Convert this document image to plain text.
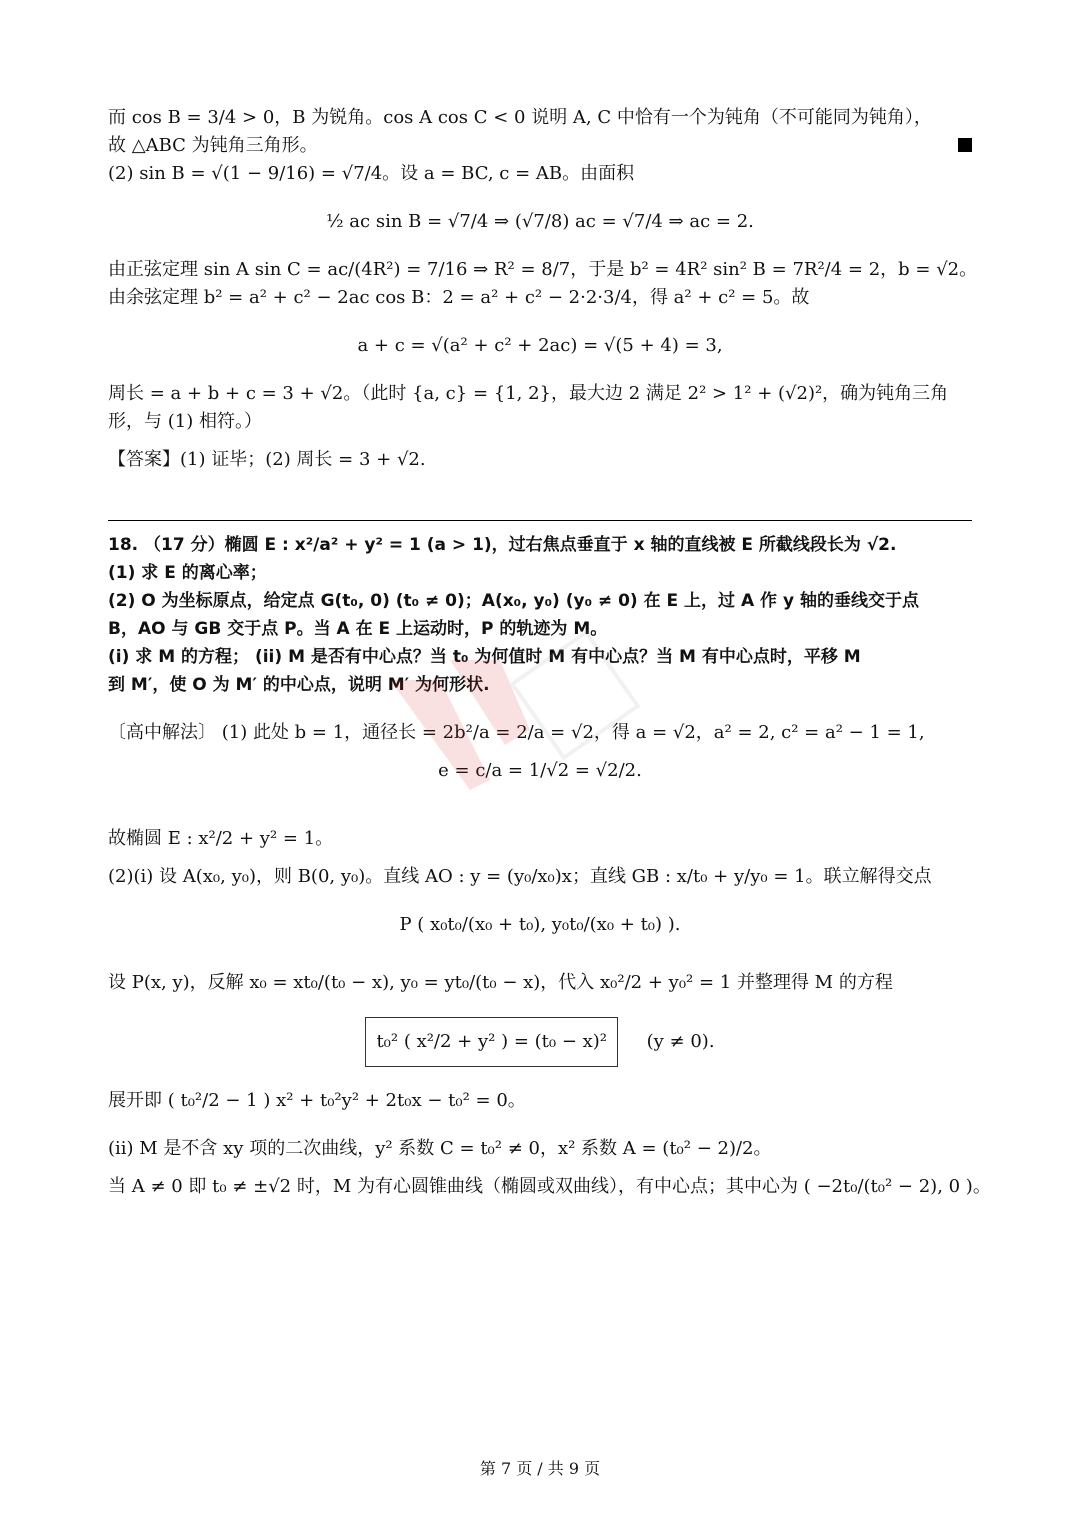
而 cos B = 3/4 > 0，B 为锐角。cos A cos C < 0 说明 A, C 中恰有一个为钝角（不可能同为钝角），
故 △ABC 为钝角三角形。
(2) sin B = √(1 − 9/16) = √7/4。设 a = BC, c = AB。由面积
½ ac sin B = √7/4 ⇒ (√7/8) ac = √7/4 ⇒ ac = 2.
由正弦定理 sin A sin C = ac/(4R²) = 7/16 ⇒ R² = 8/7，于是 b² = 4R² sin² B = 7R²/4 = 2，b = √2。
由余弦定理 b² = a² + c² − 2ac cos B：2 = a² + c² − 2·2·3/4，得 a² + c² = 5。故
a + c = √(a² + c² + 2ac) = √(5 + 4) = 3,
周长 = a + b + c = 3 + √2。（此时 {a, c} = {1, 2}，最大边 2 满足 2² > 1² + (√2)²，确为钝角三角
形，与 (1) 相符。）
【答案】(1) 证毕；(2) 周长 = 3 + √2.
18. （17 分）椭圆 E : x²/a² + y² = 1 (a > 1)，过右焦点垂直于 x 轴的直线被 E 所截线段长为 √2.
(1) 求 E 的离心率；
(2) O 为坐标原点，给定点 G(t₀, 0) (t₀ ≠ 0)；A(x₀, y₀) (y₀ ≠ 0) 在 E 上，过 A 作 y 轴的垂线交于点
B，AO 与 GB 交于点 P。当 A 在 E 上运动时，P 的轨迹为 M。
(i) 求 M 的方程； (ii) M 是否有中心点？当 t₀ 为何值时 M 有中心点？当 M 有中心点时，平移 M
到 M′，使 O 为 M′ 的中心点，说明 M′ 为何形状.
〔高中解法〕 (1) 此处 b = 1，通径长 = 2b²/a = 2/a = √2，得 a = √2，a² = 2, c² = a² − 1 = 1,
e = c/a = 1/√2 = √2/2.
故椭圆 E : x²/2 + y² = 1。
(2)(i) 设 A(x₀, y₀)，则 B(0, y₀)。直线 AO : y = (y₀/x₀)x；直线 GB : x/t₀ + y/y₀ = 1。联立解得交点
P ( x₀t₀/(x₀ + t₀), y₀t₀/(x₀ + t₀) ).
设 P(x, y)，反解 x₀ = xt₀/(t₀ − x), y₀ = yt₀/(t₀ − x)，代入 x₀²/2 + y₀² = 1 并整理得 M 的方程
t₀² ( x²/2 + y² ) = (t₀ − x)² (y ≠ 0).
展开即 ( t₀²/2 − 1 ) x² + t₀²y² + 2t₀x − t₀² = 0。
(ii) M 是不含 xy 项的二次曲线，y² 系数 C = t₀² ≠ 0，x² 系数 A = (t₀² − 2)/2。
当 A ≠ 0 即 t₀ ≠ ±√2 时，M 为有心圆锥曲线（椭圆或双曲线），有中心点；其中心为 ( −2t₀/(t₀² − 2), 0 )。
第 7 页 / 共 9 页
